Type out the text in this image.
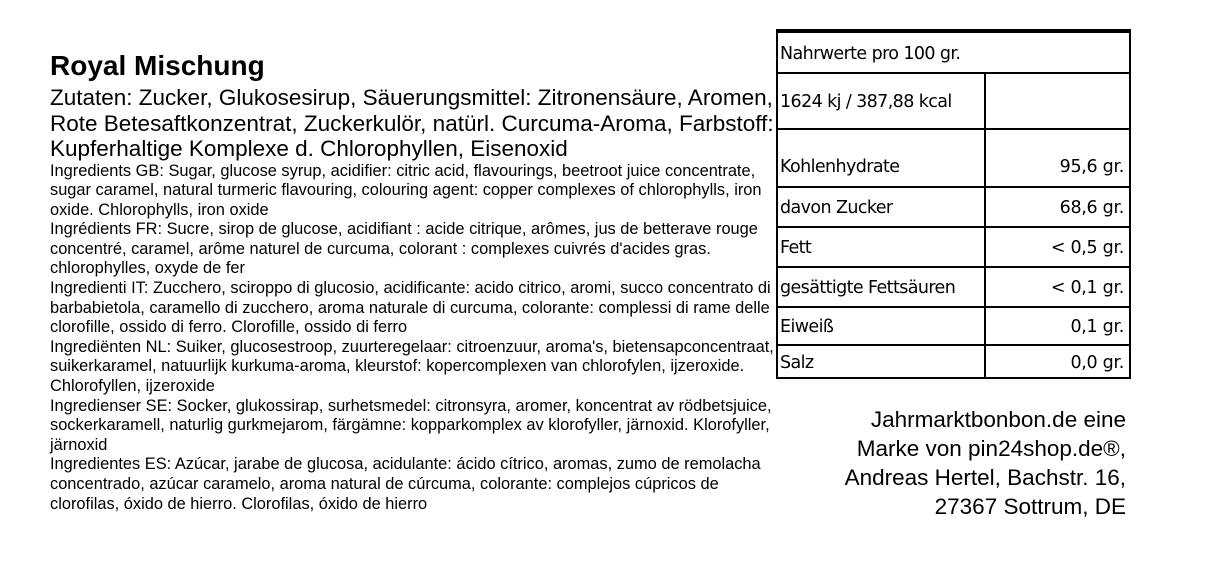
Royal Mischung

Zutaten: Zucker, Glukosesirup, Säuerungsmittel: Zitronensäure, Aromen, Rote Betesaftkonzentrat, Zuckerkulör, natürl. Curcuma-Aroma, Farbstoff: Kupferhaltige Komplexe d. Chlorophyllen, Eisenoxid

Ingredients GB: Sugar, glucose syrup, acidifier: citric acid, flavourings, beetroot juice concentrate, sugar caramel, natural turmeric flavouring, colouring agent: copper complexes of chlorophylls, iron oxide. Chlorophylls, iron oxide

Ingrédients FR: Sucre, sirop de glucose, acidifiant : acide citrique, arômes, jus de betterave rouge concentré, caramel, arôme naturel de curcuma, colorant : complexes cuivrés d'acides gras. chlorophylles, oxyde de fer

Ingredienti IT: Zucchero, sciroppo di glucosio, acidificante: acido citrico, aromi, succo concentrato di barbabietola, caramello di zucchero, aroma naturale di curcuma, colorante: complessi di rame delle clorofille, ossido di ferro. Clorofille, ossido di ferro

Ingrediënten NL: Suiker, glucosestroop, zuurteregelaar: citroenzuur, aroma's, bietensapconcentraat, suikerkaramel, natuurlijk kurkuma-aroma, kleurstof: kopercomplexen van chlorofylen, ijzeroxide. Chlorofyllen, ijzeroxide

Ingredienser SE: Socker, glukossirap, surhetsmedel: citronsyra, aromer, koncentrat av rödbetsjuice, sockerkaramell, naturlig gurkmejarom, färgämne: kopparkomplex av klorofyller, järnoxid. Klorofyller, järnoxid

Ingredientes ES: Azúcar, jarabe de glucosa, acidulante: ácido cítrico, aromas, zumo de remolacha concentrado, azúcar caramelo, aroma natural de cúrcuma, colorante: complejos cúpricos de clorofilas, óxido de hierro. Clorofilas, óxido de hierro

Nahrwerte pro 100 gr.
1624 kj / 387,88 kcal
Kohlenhydrate	95,6 gr.
davon Zucker	68,6 gr.
Fett	< 0,5 gr.
gesättigte Fettsäuren	< 0,1 gr.
Eiweiß	0,1 gr.
Salz	0,0 gr.
Jahrmarktbonbon.de eine
Marke von pin24shop.de®,
Andreas Hertel, Bachstr. 16,
27367 Sottrum, DE
